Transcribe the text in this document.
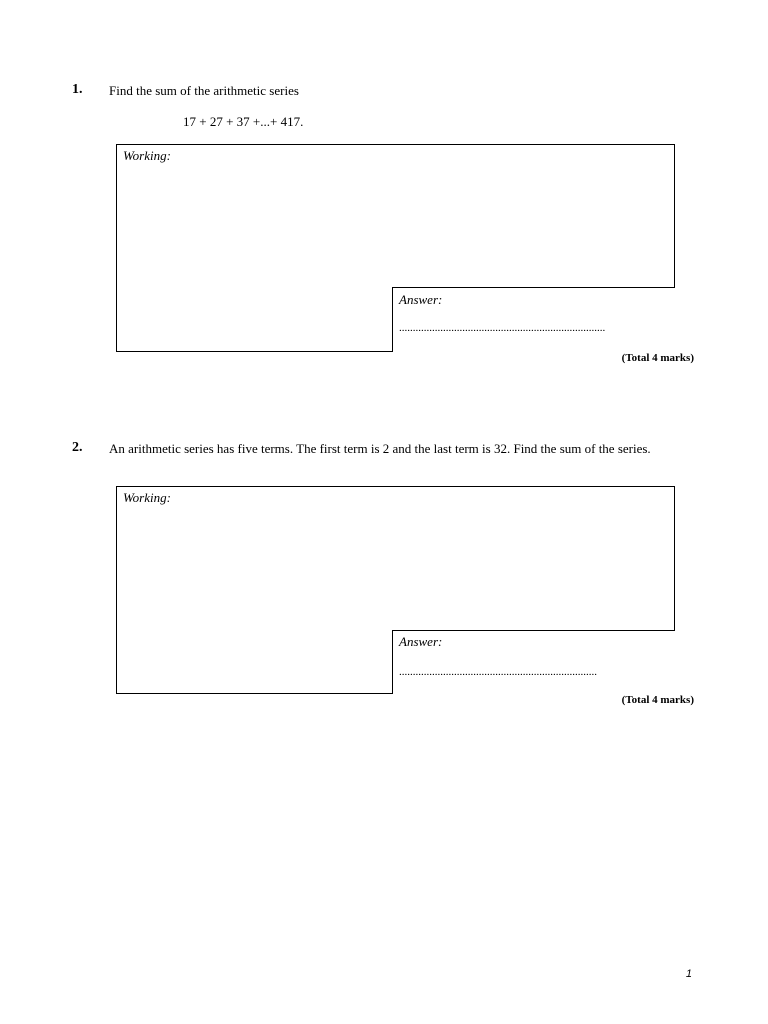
1. Find the sum of the arithmetic series
17 + 27 + 37 +...+ 417.
Working:
Answer:
...........................................................................
(Total 4 marks)
2. An arithmetic series has five terms. The first term is 2 and the last term is 32. Find the sum of the series.
Working:
Answer:
........................................................................
(Total 4 marks)
1
